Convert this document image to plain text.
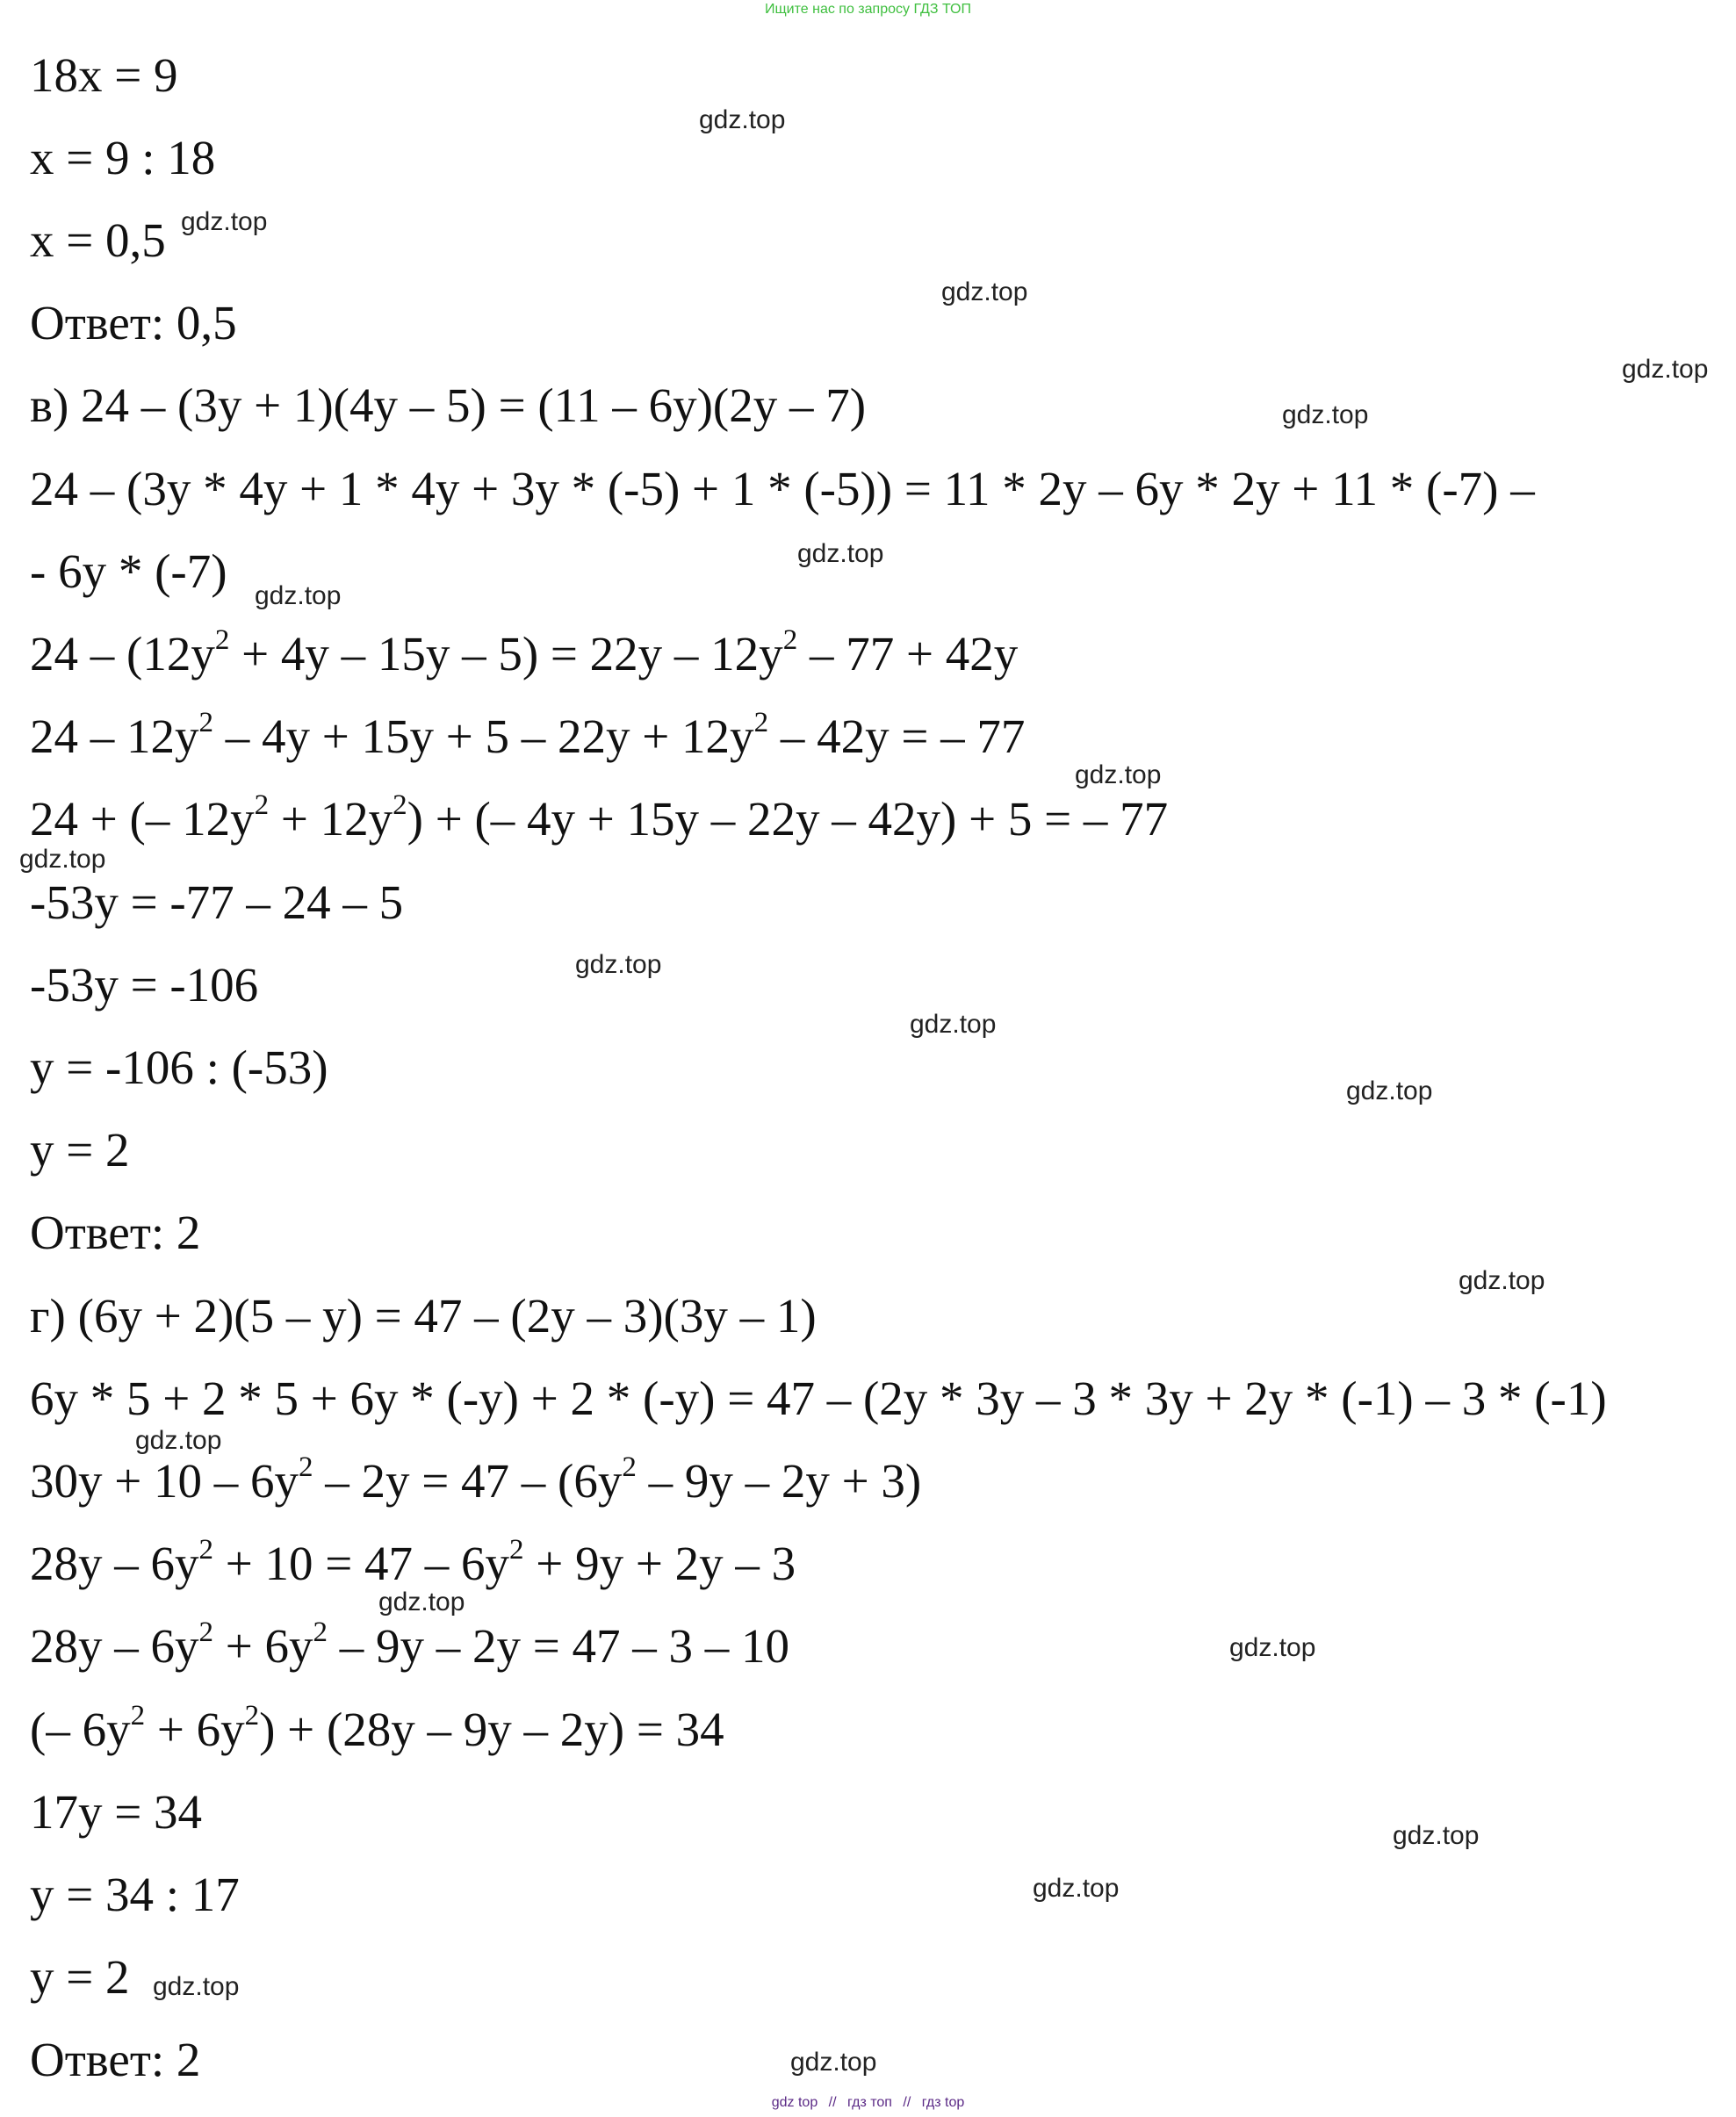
Ищите нас по запросу ГДЗ ТОП
18x = 9
x = 9 : 18
x = 0,5
Ответ: 0,5
в) 24 – (3y + 1)(4y – 5) = (11 – 6y)(2y – 7)
24 – (3y * 4y + 1 * 4y + 3y * (-5) + 1 * (-5)) = 11 * 2y – 6y * 2y + 11 * (-7) –
- 6y * (-7)
$24 - (12y^2 + 4y - 15y - 5) = 22y - 12y^2 - 77 + 42y$
$24 - 12y^2 - 4y + 15y + 5 - 22y + 12y^2 - 42y$ = – 77
24 + (– $12y^2 + 12y^2$) + (– 4y + 15y – 22y – 42y) + 5 = – 77
-53y = -77 – 24 – 5
-53y = -106
y = -106 : (-53)
y = 2
Ответ: 2
г) (6y + 2)(5 – y) = 47 – (2y – 3)(3y – 1)
6y * 5 + 2 * 5 + 6y * (-y) + 2 * (-y) = 47 – (2y * 3y – 3 * 3y + 2y * (-1) – 3 * (-1)
$30y + 10 - 6y^2 - 2y = 47 - (6y^2 - 9y - 2y + 3)$
$28y - 6y^2 + 10 = 47 - 6y^2 + 9y + 2y - 3$
$28y - 6y^2 + 6y^2 - 9y - 2y = 47 - 3 - 10$
(– $6y^2 + 6y^2) + (28y - 9y - 2y) = 34$
17y = 34
y = 34 : 17
y = 2
Ответ: 2
gdz.top
gdz.top
gdz.top
gdz.top
gdz.top
gdz.top
gdz.top
gdz.top
gdz.top
gdz.top
gdz.top
gdz.top
gdz.top
gdz.top
gdz.top
gdz.top
gdz.top
gdz.top
gdz.top
gdz.top
gdz top // гдз топ // гдз top
